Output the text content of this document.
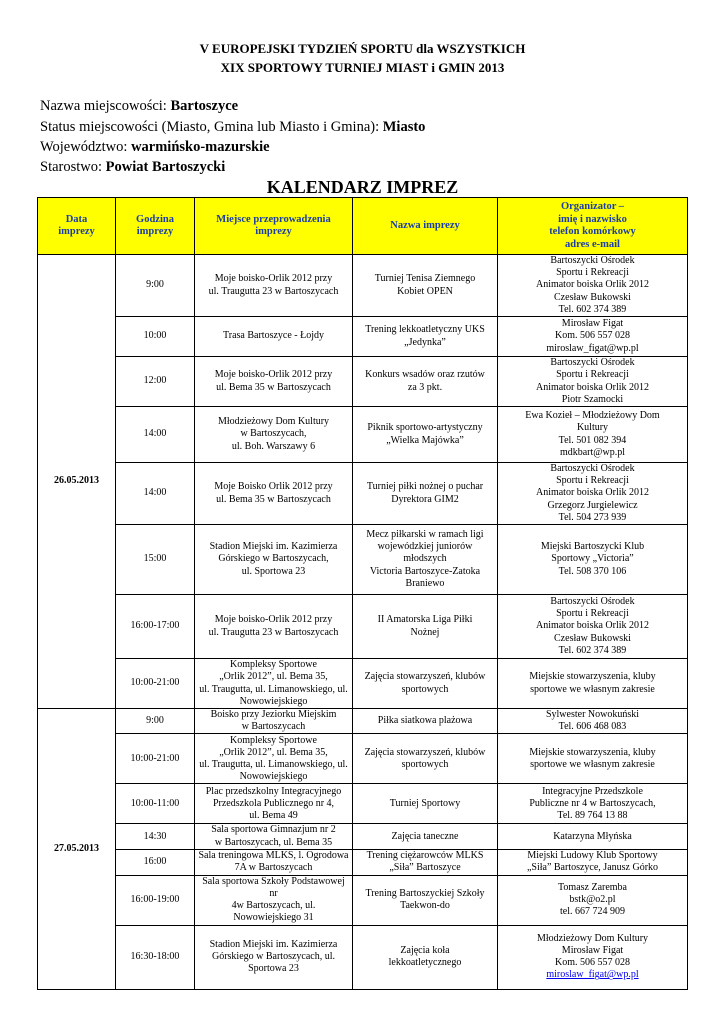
V EUROPEJSKI TYDZIEŃ SPORTU dla WSZYSTKICH
XIX SPORTOWY TURNIEJ MIAST i GMIN 2013
Nazwa miejscowości: Bartoszyce
Status miejscowości (Miasto, Gmina lub Miasto i Gmina): Miasto
Województwo: warmińsko-mazurskie
Starostwo: Powiat Bartoszycki
KALENDARZ IMPREZ
Data
imprezy	Godzina
imprezy	Miejsce przeprowadzenia
imprezy	Nazwa imprezy	Organizator –
imię i nazwisko
telefon komórkowy
adres e-mail

26.05.2013	9:00	Moje boisko-Orlik 2012 przy
ul. Traugutta 23 w Bartoszycach	Turniej Tenisa Ziemnego
Kobiet OPEN	Bartoszycki Ośrodek
Sportu i Rekreacji
Animator boiska Orlik 2012
Czesław Bukowski
Tel. 602 374 389

	10:00	Trasa Bartoszyce - Łojdy	Trening lekkoatletyczny UKS
„Jedynka”	Mirosław Figat
Kom. 506 557 028
miroslaw_figat@wp.pl

	12:00	Moje boisko-Orlik 2012 przy
ul. Bema 35 w Bartoszycach	Konkurs wsadów oraz rzutów
za 3 pkt.	Bartoszycki Ośrodek
Sportu i Rekreacji
Animator boiska Orlik 2012
Piotr Szamocki

	14:00	Młodzieżowy Dom Kultury
w Bartoszycach,
ul. Boh. Warszawy 6	Piknik sportowo-artystyczny
„Wielka Majówka”	Ewa Kozieł – Młodzieżowy Dom
Kultury
Tel. 501 082 394
mdkbart@wp.pl

	14:00	Moje Boisko Orlik 2012 przy
ul. Bema 35 w Bartoszycach	Turniej piłki nożnej o puchar
Dyrektora GIM2	Bartoszycki Ośrodek
Sportu i Rekreacji
Animator boiska Orlik 2012
Grzegorz Jurgielewicz
Tel. 504 273 939

	15:00	Stadion Miejski im. Kazimierza
Górskiego w Bartoszycach,
ul. Sportowa 23	Mecz piłkarski w ramach ligi
wojewódzkiej juniorów
młodszych
Victoria Bartoszyce-Zatoka
Braniewo	Miejski Bartoszycki Klub
Sportowy „Victoria”
Tel. 508 370 106

	16:00-17:00	Moje boisko-Orlik 2012 przy
ul. Traugutta 23 w Bartoszycach	II Amatorska Liga Piłki
Nożnej	Bartoszycki Ośrodek
Sportu i Rekreacji
Animator boiska Orlik 2012
Czesław Bukowski
Tel. 602 374 389

	10:00-21:00	Kompleksy Sportowe
„Orlik 2012”, ul. Bema 35,
ul. Traugutta, ul. Limanowskiego, ul.
Nowowiejskiego	Zajęcia stowarzyszeń, klubów
sportowych	Miejskie stowarzyszenia, kluby
sportowe we własnym zakresie

27.05.2013	9:00	Boisko przy Jeziorku Miejskim
w Bartoszycach	Piłka siatkowa plażowa	Sylwester Nowokuński
Tel. 606 468 083

	10:00-21:00	Kompleksy Sportowe
„Orlik 2012”, ul. Bema 35,
ul. Traugutta, ul. Limanowskiego, ul.
Nowowiejskiego	Zajęcia stowarzyszeń, klubów
sportowych	Miejskie stowarzyszenia, kluby
sportowe we własnym zakresie

	10:00-11:00	Plac przedszkolny Integracyjnego
Przedszkola Publicznego nr 4,
ul. Bema 49	Turniej Sportowy	Integracyjne Przedszkole
Publiczne nr 4 w Bartoszycach,
Tel. 89 764 13 88

	14:30	Sala sportowa Gimnazjum nr 2
w Bartoszycach, ul. Bema 35	Zajęcia taneczne	Katarzyna Młyńska

	16:00	Sala treningowa MLKS, l. Ogrodowa
7A w Bartoszycach	Trening ciężarowców MLKS
„Siła” Bartoszyce	Miejski Ludowy Klub Sportowy
„Siła” Bartoszyce, Janusz Górko

	16:00-19:00	Sala sportowa Szkoły Podstawowej nr
4w Bartoszycach, ul.
Nowowiejskiego 31	Trening Bartoszyckiej Szkoły
Taekwon-do	Tomasz Zaremba
bstk@o2.pl
tel. 667 724 909

	16:30-18:00	Stadion Miejski im. Kazimierza
Górskiego w Bartoszycach, ul.
Sportowa 23	Zajęcia koła
lekkoatletycznego	Młodzieżowy Dom Kultury
Mirosław Figat
Kom. 506 557 028
miroslaw_figat@wp.pl
